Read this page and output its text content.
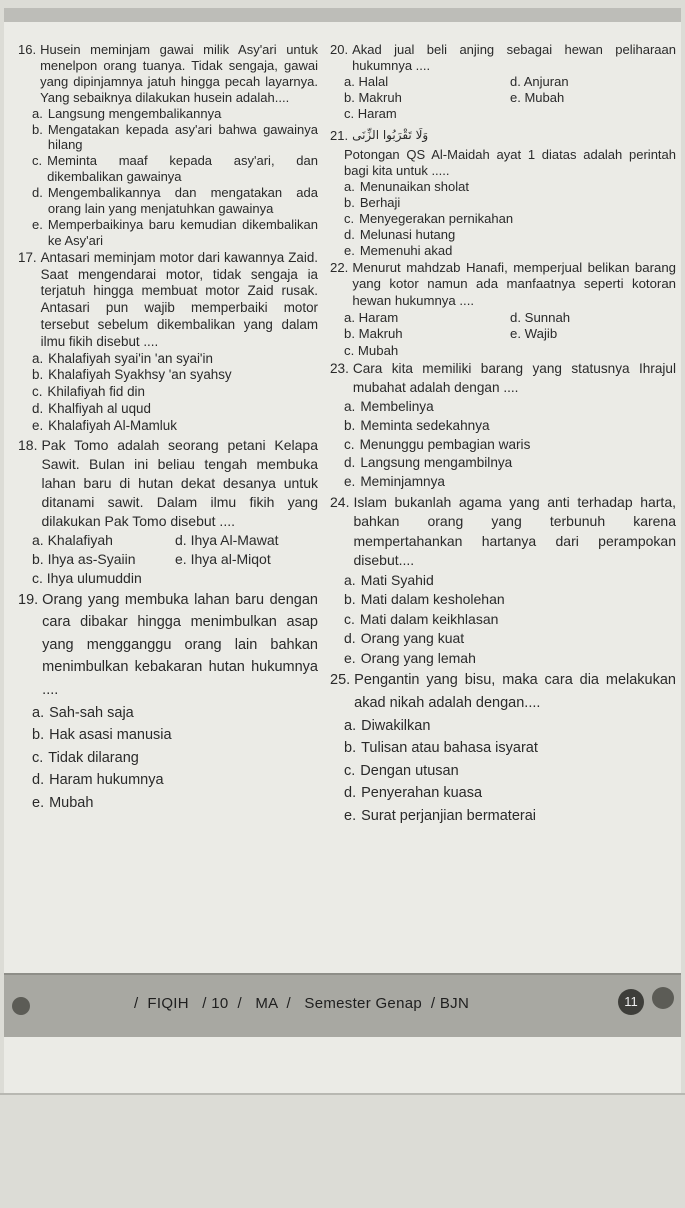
16. Husein meminjam gawai milik Asy'ari untuk menelpon orang tuanya. Tidak sengaja, gawai yang dipinjamnya jatuh hingga pecah layarnya. Yang sebaiknya dilakukan husein adalah....
a. Langsung mengembalikannya
b. Mengatakan kepada asy'ari bahwa gawainya hilang
c. Meminta maaf kepada asy'ari, dan dikembalikan gawainya
d. Mengembalikannya dan mengatakan ada orang lain yang menjatuhkan gawainya
e. Memperbaikinya baru kemudian dikembalikan ke Asy'ari
17. Antasari meminjam motor dari kawannya Zaid. Saat mengendarai motor, tidak sengaja ia terjatuh hingga membuat motor Zaid rusak. Antasari pun wajib memperbaiki motor tersebut sebelum dikembalikan yang dalam ilmu fikih disebut ....
a. Khalafiyah syai'in 'an syai'in
b. Khalafiyah Syakhsy 'an syahsy
c. Khilafiyah fid din
d. Khalfiyah al uqud
e. Khalafiyah Al-Mamluk
18. Pak Tomo adalah seorang petani Kelapa Sawit. Bulan ini beliau tengah membuka lahan baru di hutan dekat desanya untuk ditanami sawit. Dalam ilmu fikih yang dilakukan Pak Tomo disebut ....
a. Khalafiyah	d. Ihya Al-Mawat
b. Ihya as-Syaiin	e. Ihya al-Miqot
c. Ihya ulumuddin
19. Orang yang membuka lahan baru dengan cara dibakar hingga menimbulkan asap yang mengganggu orang lain bahkan menimbulkan kebakaran hutan hukumnya ....
a. Sah-sah saja
b. Hak asasi manusia
c. Tidak dilarang
d. Haram hukumnya
e. Mubah
20. Akad jual beli anjing sebagai hewan peliharaan hukumnya ....
a. Halal	d. Anjuran
b. Makruh	e. Mubah
c. Haram
21. وَلَا تَقْرَبُوا الزِّنَى
Potongan QS Al-Maidah ayat 1 diatas adalah perintah bagi kita untuk .....
a. Menunaikan sholat
b. Berhaji
c. Menyegerakan pernikahan
d. Melunasi hutang
e. Memenuhi akad
22. Menurut mahdzab Hanafi, memperjual belikan barang yang kotor namun ada manfaatnya seperti kotoran hewan hukumnya ....
a. Haram	d. Sunnah
b. Makruh	e. Wajib
c. Mubah
23. Cara kita memiliki barang yang statusnya Ihrajul mubahat adalah dengan ....
a. Membelinya
b. Meminta sedekahnya
c. Menunggu pembagian waris
d. Langsung mengambilnya
e. Meminjamnya
24. Islam bukanlah agama yang anti terhadap harta, bahkan orang yang terbunuh karena mempertahankan hartanya dari perampokan disebut....
a. Mati Syahid
b. Mati dalam kesholehan
c. Mati dalam keikhlasan
d. Orang yang kuat
e. Orang yang lemah
25. Pengantin yang bisu, maka cara dia melakukan akad nikah adalah dengan....
a. Diwakilkan
b. Tulisan atau bahasa isyarat
c. Dengan utusan
d. Penyerahan kuasa
e. Surat perjanjian bermaterai
/  FIQIH   / 10  /   MA  /   Semester Genap  / BJN	11
